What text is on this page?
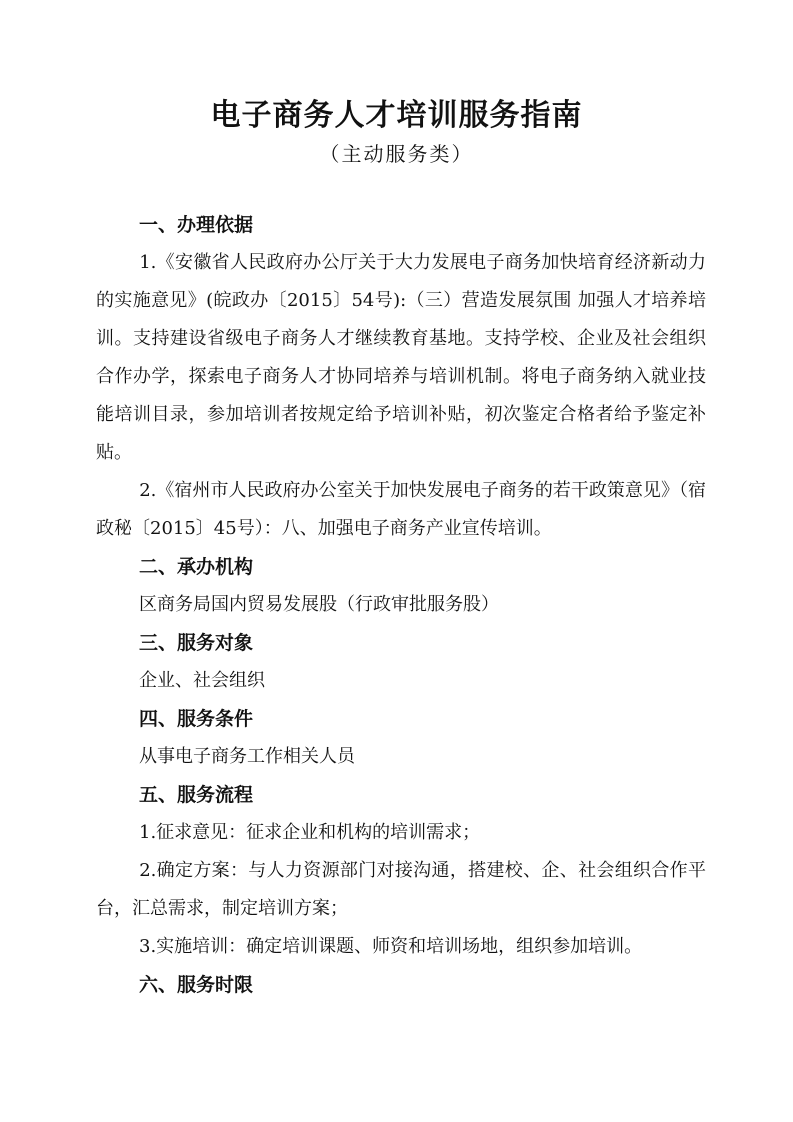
电子商务人才培训服务指南
（主动服务类）
一、办理依据

1.《安徽省人民政府办公厅关于大力发展电子商务加快培育经济新动力的实施意见》(皖政办〔2015〕54号):（三）营造发展氛围 加强人才培养培训。支持建设省级电子商务人才继续教育基地。支持学校、企业及社会组织合作办学，探索电子商务人才协同培养与培训机制。将电子商务纳入就业技能培训目录，参加培训者按规定给予培训补贴，初次鉴定合格者给予鉴定补贴。

2.《宿州市人民政府办公室关于加快发展电子商务的若干政策意见》（宿政秘〔2015〕45号）：八、加强电子商务产业宣传培训。

二、承办机构

区商务局国内贸易发展股（行政审批服务股）

三、服务对象

企业、社会组织

四、服务条件

从事电子商务工作相关人员

五、服务流程

1.征求意见：征求企业和机构的培训需求；

2.确定方案：与人力资源部门对接沟通，搭建校、企、社会组织合作平台，汇总需求，制定培训方案；

3.实施培训：确定培训课题、师资和培训场地，组织参加培训。

六、服务时限
